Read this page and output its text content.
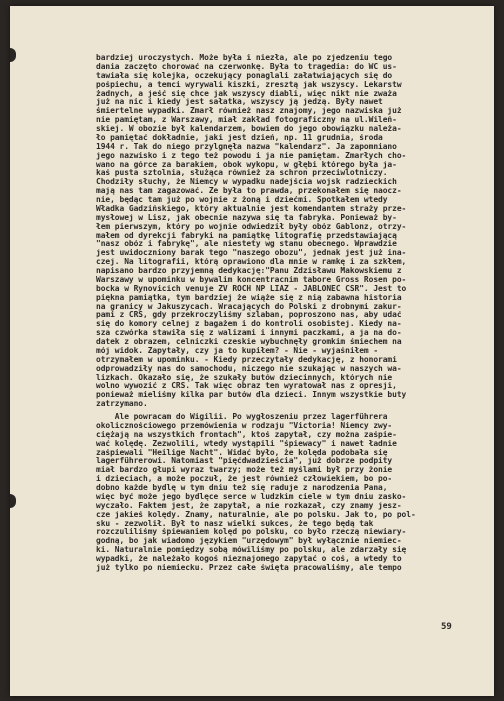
bardziej uroczystych. Może była i niezła, ale po zjedzeniu tego
dania zaczęto chorować na czerwonkę. Była to tragedia: do WC us-
tawiała się kolejka, oczekujący ponaglali załatwiających się do
pośpiechu, a temci wyrywali kiszki, zresztą jak wszyscy. Lekarstw
żadnych, a jeść się chce jak wszyscy diabli, więc nikt nie zważa
już na nic i kiedy jest sałatka, wszyscy ją jedzą. Były nawet
śmiertelne wypadki. Zmarł również nasz znajomy, jego nazwiska już
nie pamiętam, z Warszawy, miał zakład fotograficzny na ul.Wileń-
skiej. W obozie był kalendarzem, bowiem do jego obowiązku należa-
ło pamiętać dokładnie, jaki jest dzień, np. 11 grudnia, środa
1944 r. Tak do niego przylgnęła nazwa "kalendarz". Ja zapomniano
jego nazwisko i z tego też powodu i ja nie pamiętam. Zmarłych cho-
wano na górce za barakiem, obok wykopu, w głębi którego była ja-
kaś pusta sztolnia, służąca również za schron przeciwlotniczy.
Chodziły słuchy, że Niemcy w wypadku nadejścia wojsk radzieckich
mają nas tam zagazować. Że była to prawda, przekonałem się naocz-
nie, będąc tam już po wojnie z żoną i dziećmi. Spotkałem wtedy
Władka Gadzińskiego, który aktualnie jest komendantem straży prze-
mysłowej w Lisz, jak obecnie nazywa się ta fabryka. Ponieważ by-
łem pierwszym, który po wojnie odwiedził były obóz Gablonz, otrzy-
małem od dyrekcji fabryki na pamiątkę litografię przedstawiającą
"nasz obóz i fabrykę", ale niestety wg stanu obecnego. Wprawdzie
jest uwidoczniony barak tego "naszego obozu", jednak jest już ina-
czej. Na litografii, którą oprawiono dla mnie w ramkę i za szkłem,
napisano bardzo przyjemną dedykację:"Panu Zdzisławu Makowskiemu z
Warszawy w upominku w bywalim koncentracním tabore Gross Rosen po-
bocka w Rynovicích venuje ZV ROCH NP LIAZ - JABLONEC CSR". Jest to
piękna pamiątka, tym bardziej że wiąże się z nią zabawna historia
na granicy w Jakuszycach. Wracających do Polski z drobnymi zakur-
pami z CRS, gdy przekroczyliśmy szlaban, poproszono nas, aby udać
się do komory celnej z bagażem i do kontroli osobistej. Kiedy na-
sza czwórka stawiła się z walizami i innymi paczkami, a ja na do-
datek z obrazem, celniczki czeskie wybuchnęły gromkim śmiechem na
mój widok. Zapytały, czy ja to kupiłem? - Nie - wyjaśniłem -
otrzymałem w upominku. - Kiedy przeczytały dedykację, z honorami
odprowadziły nas do samochodu, niczego nie szukając w naszych wa-
lizkach. Okazało się, że szukały butów dziecinnych, których nie
wolno wywozić z CRS. Tak więc obraz ten wyratował nas z opresji,
ponieważ mieliśmy kilka par butów dla dzieci. Innym wszystkie buty
zatrzymano.
Ale powracam do Wigilii. Po wygłoszeniu przez lagerführera
okolicznościowego przemówienia w rodzaju "Victoria! Niemcy zwy-
ciężają na wszystkich frontach", ktoś zapytał, czy można zaśpie-
wać kolędę. Zezwolili, wtedy wystąpili "śpiewacy" i nawet ładnie
zaśpiewali "Heilige Nacht". Widać było, że kolęda podobała się
lagerführerowi. Natomiast "pięćdwadzieścia", już dobrze podpity
miał bardzo głupi wyraz twarzy; może też myślami był przy żonie
i dzieciach, a może poczuł, że jest również człowiekiem, bo po-
dobno każde bydlę w tym dniu też się raduje z narodzenia Pana,
więc być może jego bydlęce serce w ludzkim ciele w tym dniu zasko-
wyczało. Faktem jest, że zapytał, a nie rozkazał, czy znamy jesz-
cze jakieś kolędy. Znamy, naturalnie, ale po polsku. Jak to, po pol-
sku - zezwolił. Był to nasz wielki sukces, że tego będą tak
rozczuliliśmy śpiewaniem kolęd po polsku, co było rzeczą niewiary-
godną, bo jak wiadomo językiem "urzędowym" był wyłącznie niemiec-
ki. Naturalnie pomiędzy sobą mówiliśmy po polsku, ale zdarzały się
wypadki, że należało kogoś nieznajomego zapytać o coś, a wtedy to
już tylko po niemiecku. Przez całe święta pracowaliśmy, ale tempo
59
